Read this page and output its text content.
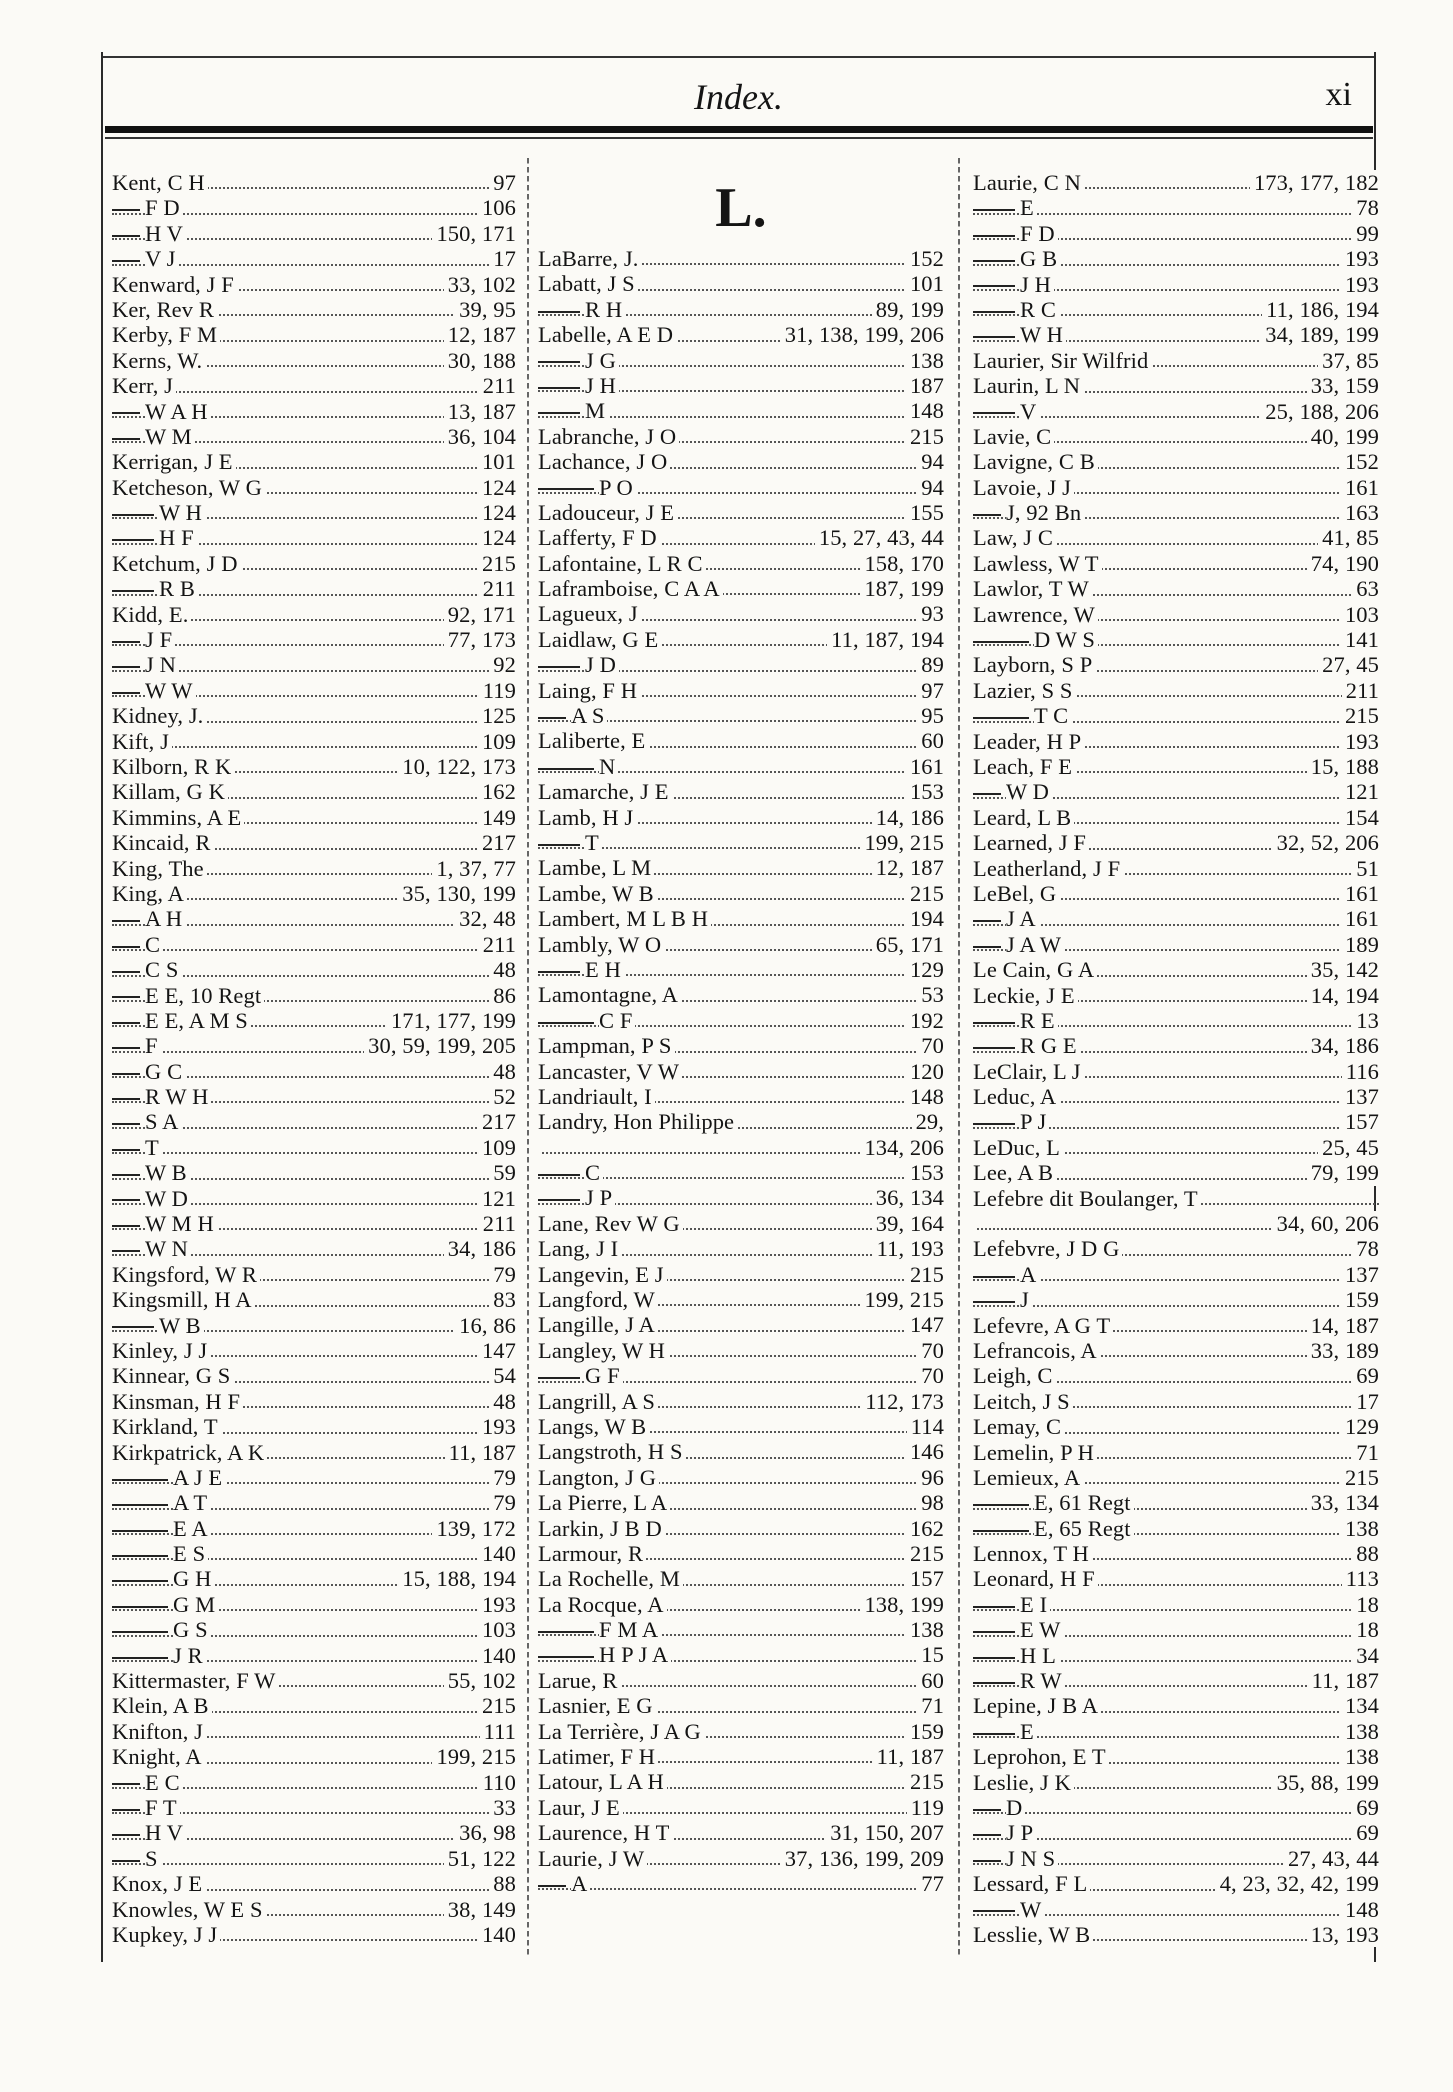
Index.	xi
Kent, C H	97
F D	106
H V	150, 171
V J	17
Kenward, J F	33, 102
Ker, Rev R	39, 95
Kerby, F M	12, 187
Kerns, W.	30, 188
Kerr, J	211
W A H	13, 187
W M	36, 104
Kerrigan, J E	101
Ketcheson, W G	124
W H	124
H F	124
Ketchum, J D	215
R B	211
Kidd, E.	92, 171
J F	77, 173
J N	92
W W	119
Kidney, J.	125
Kift, J	109
Kilborn, R K	10, 122, 173
Killam, G K	162
Kimmins, A E	149
Kincaid, R	217
King, The	1, 37, 77
King, A	35, 130, 199
A H	32, 48
C	211
C S	48
E E, 10 Regt	86
E E, A M S	171, 177, 199
F	30, 59, 199, 205
G C	48
R W H	52
S A	217
T	109
W B	59
W D	121
W M H	211
W N	34, 186
Kingsford, W R	79
Kingsmill, H A	83
W B	16, 86
Kinley, J J	147
Kinnear, G S	54
Kinsman, H F	48
Kirkland, T	193
Kirkpatrick, A K	11, 187
A J E	79
A T	79
E A	139, 172
E S	140
G H	15, 188, 194
G M	193
G S	103
J R	140
Kittermaster, F W	55, 102
Klein, A B	215
Knifton, J	111
Knight, A	199, 215
E C	110
F T	33
H V	36, 98
S	51, 122
Knox, J E	88
Knowles, W E S	38, 149
Kupkey, J J	140
L.
LaBarre, J.	152
Labatt, J S	101
R H	89, 199
Labelle, A E D	31, 138, 199, 206
J G	138
J H	187
M	148
Labranche, J O	215
Lachance, J O	94
P O	94
Ladouceur, J E	155
Lafferty, F D	15, 27, 43, 44
Lafontaine, L R C	158, 170
Laframboise, C A A	187, 199
Lagueux, J	93
Laidlaw, G E	11, 187, 194
J D	89
Laing, F H	97
A S	95
Laliberte, E	60
N	161
Lamarche, J E	153
Lamb, H J	14, 186
T	199, 215
Lambe, L M	12, 187
Lambe, W B	215
Lambert, M L B H	194
Lambly, W O	65, 171
E H	129
Lamontagne, A	53
C F	192
Lampman, P S	70
Lancaster, V W	120
Landriault, I	148
Landry, Hon Philippe	29,
134, 206
C	153
J P	36, 134
Lane, Rev W G	39, 164
Lang, J I	11, 193
Langevin, E J	215
Langford, W	199, 215
Langille, J A	147
Langley, W H	70
G F	70
Langrill, A S	112, 173
Langs, W B	114
Langstroth, H S	146
Langton, J G	96
La Pierre, L A	98
Larkin, J B D	162
Larmour, R	215
La Rochelle, M	157
La Rocque, A	138, 199
F M A	138
H P J A	15
Larue, R	60
Lasnier, E G	71
La Terrière, J A G	159
Latimer, F H	11, 187
Latour, L A H	215
Laur, J E	119
Laurence, H T	31, 150, 207
Laurie, J W	37, 136, 199, 209
A	77
Laurie, C N	173, 177, 182
E	78
F D	99
G B	193
J H	193
R C	11, 186, 194
W H	34, 189, 199
Laurier, Sir Wilfrid	37, 85
Laurin, L N	33, 159
V	25, 188, 206
Lavie, C	40, 199
Lavigne, C B	152
Lavoie, J J	161
J, 92 Bn	163
Law, J C	41, 85
Lawless, W T	74, 190
Lawlor, T W	63
Lawrence, W	103
D W S	141
Layborn, S P	27, 45
Lazier, S S	211
T C	215
Leader, H P	193
Leach, F E	15, 188
W D	121
Leard, L B	154
Learned, J F	32, 52, 206
Leatherland, J F	51
LeBel, G	161
J A	161
J A W	189
Le Cain, G A	35, 142
Leckie, J E	14, 194
R E	13
R G E	34, 186
LeClair, L J	116
Leduc, A	137
P J	157
LeDuc, L	25, 45
Lee, A B	79, 199
Lefebre dit Boulanger, T
34, 60, 206
Lefebvre, J D G	78
A	137
J	159
Lefevre, A G T	14, 187
Lefrancois, A	33, 189
Leigh, C	69
Leitch, J S	17
Lemay, C	129
Lemelin, P H	71
Lemieux, A	215
E, 61 Regt	33, 134
E, 65 Regt	138
Lennox, T H	88
Leonard, H F	113
E I	18
E W	18
H L	34
R W	11, 187
Lepine, J B A	134
E	138
Leprohon, E T	138
Leslie, J K	35, 88, 199
D	69
J P	69
J N S	27, 43, 44
Lessard, F L	4, 23, 32, 42, 199
W	148
Lesslie, W B	13, 193
